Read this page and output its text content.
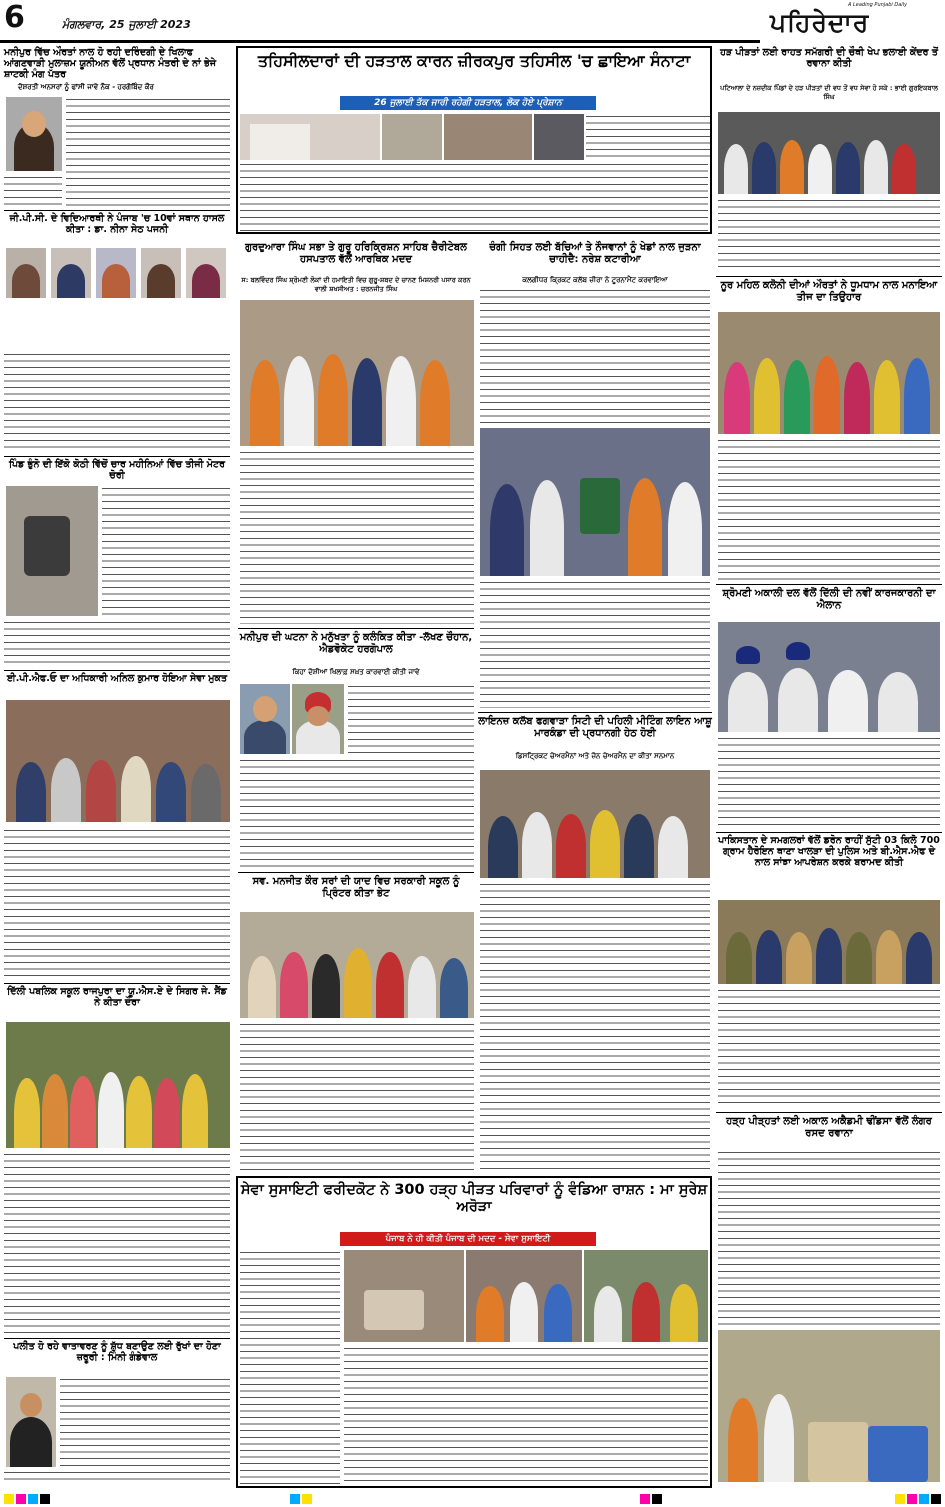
6	ਮੰਗਲਵਾਰ, 25 ਜੁਲਾਈ 2023
A Leading Punjabi Daily
ਪਹਿਰੇਦਾਰ
ਮਨੀਪੁਰ ਵਿੱਚ ਔਰਤਾਂ ਨਾਲ ਹੋ ਰਹੀ ਦਰਿੰਦਗੀ ਦੇ ਖਿਲਾਫ ਆਂਗਣਵਾੜੀ ਮੁਲਾਜ਼ਮ ਯੂਨੀਅਨ ਵੱਲੋਂ ਪ੍ਰਧਾਨ ਮੰਤਰੀ ਦੇ ਨਾਂ ਭੇਜੇ ਸ਼ਾਟਕੀ ਮੰਗ ਪੱਤਰ
ਦੋਸ਼ਰਤੀ ਅਨਸਰਾਂ ਨੂੰ ਫਾਂਸੀ ਜਾਵੇ ਨੌਕ - ਹਰਗੋਬਿੰਦ ਕੌਰ
ਜੀ.ਪੀ.ਸੀ. ਦੇ ਵਿਦਿਆਰਥੀ ਨੇ ਪੰਜਾਬ 'ਚ 10ਵਾਂ ਸਥਾਨ ਹਾਸਲ ਕੀਤਾ : ਡਾ. ਨੀਨਾ ਸੇਠ ਪਜਨੀ
ਪਿੰਡ ਭੁੰਨੋ ਦੀ ਇੱਕੋ ਕੋਠੀ ਵਿੱਚੋਂ ਚਾਰ ਮਹੀਨਿਆਂ ਵਿੱਚ ਤੀਜੀ ਮੋਟਰ ਚੋਰੀ
ਈ.ਪੀ.ਐਫ.ਓ ਦਾ ਅਧਿਕਾਰੀ ਅਨਿਲ ਕੁਮਾਰ ਹੋਇਆ ਸੇਵਾ ਮੁਕਤ
ਦਿੱਲੀ ਪਬਲਿਕ ਸਕੂਲ ਰਾਜਪੁਰਾ ਦਾ ਯੂ.ਐਸ.ਏ ਦੇ ਸਿਗਰ ਜੇ. ਸੈਂਡ ਨੇ ਕੀਤਾ ਦੌਰਾ
ਪਲੀਤ ਹੋ ਰਹੇ ਵਾਤਾਵਰਣ ਨੂੰ ਸ਼ੁੱਧ ਬਣਾਉਣ ਲਈ ਰੁੱਖਾਂ ਦਾ ਹੋਣਾ ਜ਼ਰੂਰੀ : ਮਿੰਨੀ ਗੰਡੇਵਾਲ
ਤਹਿਸੀਲਦਾਰਾਂ ਦੀ ਹੜਤਾਲ ਕਾਰਨ ਜ਼ੀਰਕਪੁਰ ਤਹਿਸੀਲ 'ਚ ਛਾਇਆ ਸੰਨਾਟਾ
26 ਜੁਲਾਈ ਤੱਕ ਜਾਰੀ ਰਹੇਗੀ ਹੜਤਾਲ, ਲੋਕ ਹੋਏ ਪ੍ਰੇਸ਼ਾਨ
ਗੁਰਦੁਆਰਾ ਸਿੰਘ ਸਭਾ ਤੇ ਗੁਰੂ ਹਰਿਕ੍ਰਿਸ਼ਨ ਸਾਹਿਬ ਚੈਰੀਟੇਬਲ ਹਸਪਤਾਲ ਵੱਲੋਂ ਆਰਥਿਕ ਮਦਦ
ਸ: ਬਲਵਿੰਦਰ ਸਿੰਘ ਸ਼੍ਰੋਮਣੀ ਲੋਕਾਂ ਦੀ ਹਮਾਇਤੀ ਵਿਚ ਗੁਰੂ-ਸ਼ਬਦ ਦੇ ਚਾਨਣ ਮਿਸ਼ਨਰੀ ਪਸਾਰ ਕਰਨ ਵਾਲੀ ਸ਼ਖਸੀਅਤ : ਚਰਨਜੀਤ ਸਿੰਘ
ਮਨੀਪੁਰ ਦੀ ਘਟਨਾ ਨੇ ਮਨੁੱਖਤਾ ਨੂੰ ਕਲੰਕਿਤ ਕੀਤਾ -ਲੱਖਣ ਚੌਹਾਨ, ਐਡਵੋਕੇਟ ਹਰਗੋਪਾਲ
ਕਿਹਾ ਦੋਸ਼ੀਆਂ ਖਿਲਾਫ਼ ਸਖ਼ਤ ਕਾਰਵਾਈ ਕੀਤੀ ਜਾਵੇ
ਸਵ. ਮਨਜੀਤ ਕੌਰ ਸਰਾਂ ਦੀ ਯਾਦ ਵਿਚ ਸਰਕਾਰੀ ਸਕੂਲ ਨੂੰ ਪ੍ਰਿੰਟਰ ਕੀਤਾ ਭੇਟ
ਚੰਗੀ ਸਿਹਤ ਲਈ ਬੱਚਿਆਂ ਤੇ ਨੌਜਵਾਨਾਂ ਨੂੰ ਖੇਡਾਂ ਨਾਲ ਜੁੜਨਾ ਚਾਹੀਦੈ: ਨਰੇਸ਼ ਕਟਾਰੀਆ
ਕਲਗੀਧਰ ਕ੍ਰਿਕਟ ਕਲੱਬ ਜ਼ੀਰਾ ਨੇ ਟੂਰਨਾਮੈਂਟ ਕਰਵਾਇਆ
ਲਾਇਨਜ਼ ਕਲੱਬ ਫਗਵਾੜਾ ਸਿਟੀ ਦੀ ਪਹਿਲੀ ਮੀਟਿੰਗ ਲਾਇਨ ਆਸ਼ੂ ਮਾਰਕੰਡਾ ਦੀ ਪ੍ਰਧਾਨਗੀ ਹੇਠ ਹੋਈ
ਡਿਸਟ੍ਰਿਕਟ ਚੇਅਰਮੈਨਾਂ ਅਤੇ ਜ਼ੋਨ ਚੇਅਰਮੈਨ ਦਾ ਕੀਤਾ ਸਨਮਾਨ
ਹੜ ਪੀੜਤਾਂ ਲਈ ਰਾਹਤ ਸਮੱਗਰੀ ਦੀ ਚੌਥੀ ਖੇਪ ਭਲਾਈ ਕੇਂਦਰ ਤੋਂ ਰਵਾਨਾ ਕੀਤੀ
ਪਟਿਆਲਾ ਦੇ ਨਜ਼ਦੀਕ ਪਿੰਡਾਂ ਦੇ ਹੜ ਪੀੜਤਾਂ ਦੀ ਵਧ ਤੋਂ ਵਧ ਸੇਵਾ ਹੋ ਸਕੇ : ਭਾਈ ਗੁਰਇਕਬਾਲ ਸਿੰਘ
ਨੂਰ ਮਹਿਲ ਕਲੋਨੀ ਦੀਆਂ ਔਰਤਾਂ ਨੇ ਧੂਮਧਾਮ ਨਾਲ ਮਨਾਇਆ ਤੀਜ ਦਾ ਤਿਉਹਾਰ
ਸ਼੍ਰੋਮਣੀ ਅਕਾਲੀ ਦਲ ਵੱਲੋਂ ਦਿੱਲੀ ਦੀ ਨਵੀਂ ਕਾਰਜਕਾਰਨੀ ਦਾ ਐਲਾਨ
ਪਾਕਿਸਤਾਨ ਦੇ ਸਮਗਲਰਾਂ ਵੱਲੋਂ ਡਰੋਨ ਰਾਹੀਂ ਸੁੱਟੀ 03 ਕਿਲੋ 700 ਗ੍ਰਾਮ ਹੈਰੋਇਨ ਥਾਣਾ ਖਾਲੜਾ ਦੀ ਪੁਲਿਸ ਅਤੇ ਬੀ.ਐਸ.ਐਫ ਦੇ ਨਾਲ ਸਾਂਝਾ ਆਪਰੇਸ਼ਨ ਕਰਕੇ ਬਰਾਮਦ ਕੀਤੀ
ਹੜ੍ਹ ਪੀੜ੍ਹਤਾਂ ਲਈ ਅਕਾਲ ਅਕੈਡਮੀ ਢੀਂਡਸਾ ਵੱਲੋਂ ਲੰਗਰ ਰਸਦ ਰਵਾਨਾ
ਸੇਵਾ ਸੁਸਾਇਟੀ ਫਰੀਦਕੋਟ ਨੇ 300 ਹੜ੍ਹ ਪੀੜਤ ਪਰਿਵਾਰਾਂ ਨੂੰ ਵੰਡਿਆ ਰਾਸ਼ਨ : ਮਾ ਸੁਰੇਸ਼ ਅਰੋੜਾ
ਪੰਜਾਬ ਨੇ ਹੀ ਕੀਤੀ ਪੰਜਾਬ ਦੀ ਮਦਦ - ਸੇਵਾ ਸੁਸਾਇਟੀ
